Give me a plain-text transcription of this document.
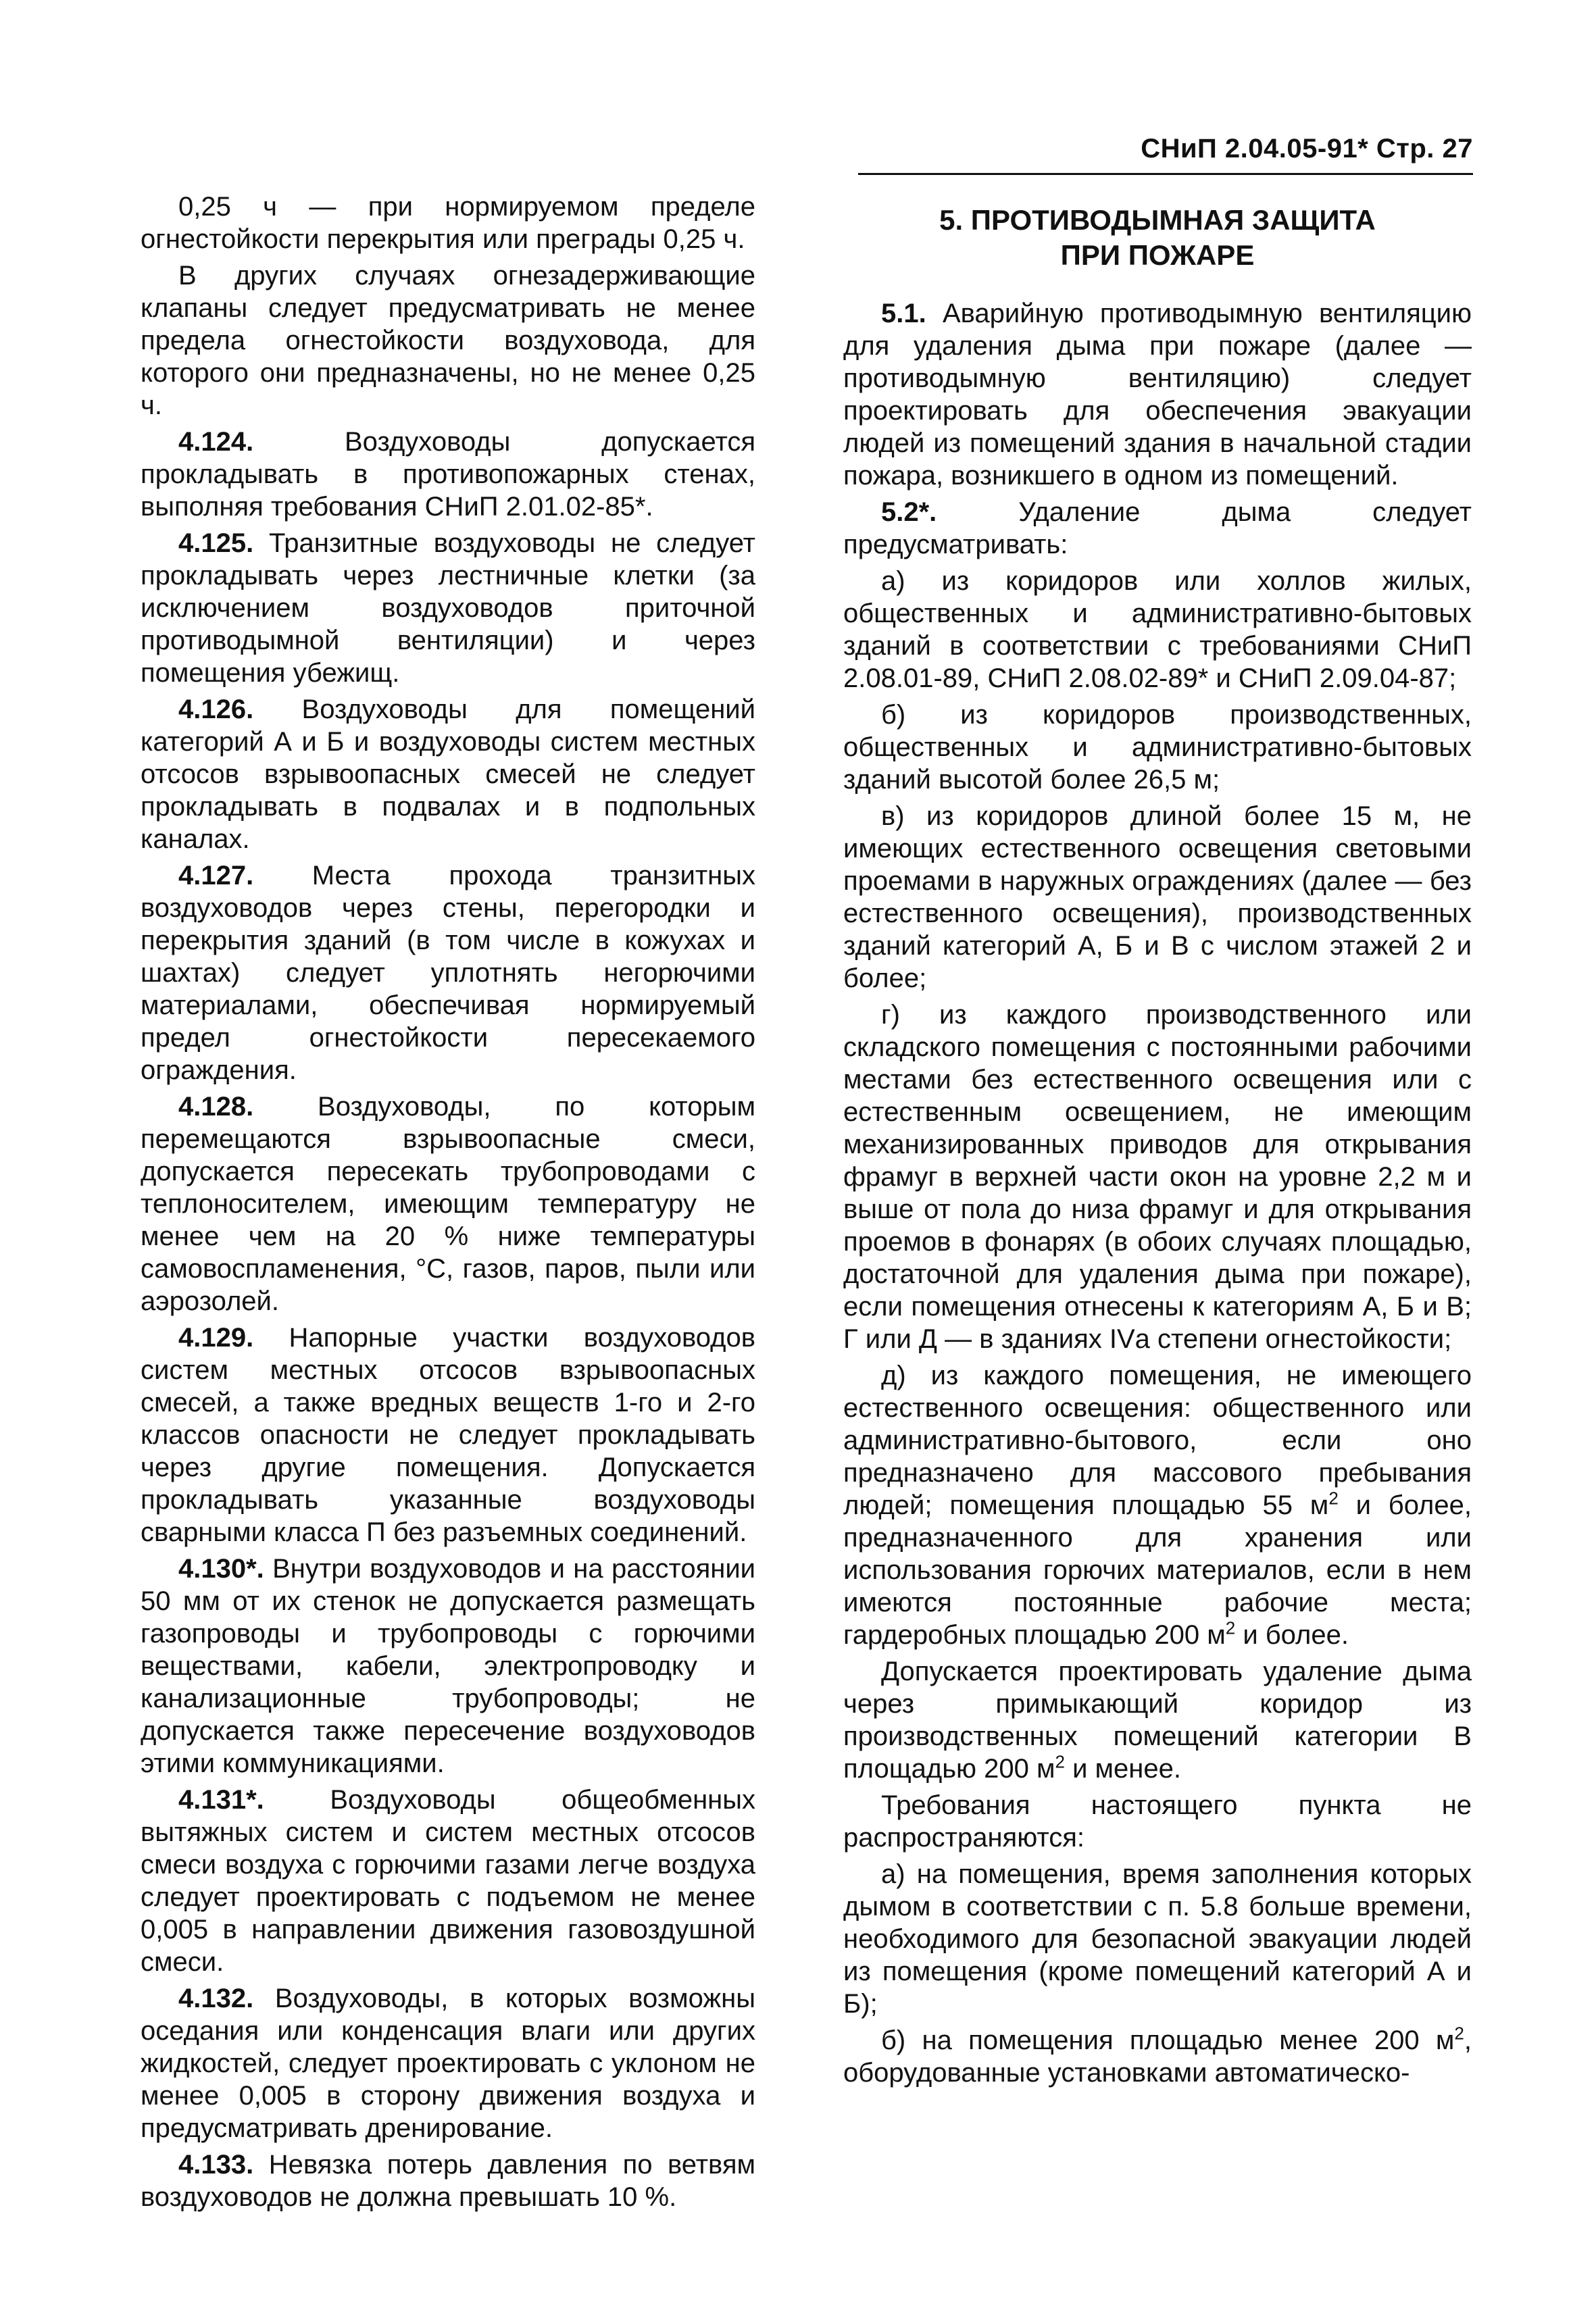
СНиП 2.04.05-91* Стр. 27

0,25 ч — при нормируемом пределе огнестойкости перекрытия или преграды 0,25 ч.

В других случаях огнезадерживающие клапаны следует предусматривать не менее предела огнестойкости воздуховода, для которого они предназначены, но не менее 0,25 ч.

4.124. Воздуховоды допускается прокладывать в противопожарных стенах, выполняя требования СНиП 2.01.02-85*.

4.125. Транзитные воздуховоды не следует прокладывать через лестничные клетки (за исключением воздуховодов приточной противодымной вентиляции) и через помещения убежищ.

4.126. Воздуховоды для помещений категорий А и Б и воздуховоды систем местных отсосов взрывоопасных смесей не следует прокладывать в подвалах и в подпольных каналах.

4.127. Места прохода транзитных воздуховодов через стены, перегородки и перекрытия зданий (в том числе в кожухах и шахтах) следует уплотнять негорючими материалами, обеспечивая нормируемый предел огнестойкости пересекаемого ограждения.

4.128. Воздуховоды, по которым перемещаются взрывоопасные смеси, допускается пересекать трубопроводами с теплоносителем, имеющим температуру не менее чем на 20 % ниже температуры самовоспламенения, °С, газов, паров, пыли или аэрозолей.

4.129. Напорные участки воздуховодов систем местных отсосов взрывоопасных смесей, а также вредных веществ 1-го и 2-го классов опасности не следует прокладывать через другие помещения. Допускается прокладывать указанные воздуховоды сварными класса П без разъемных соединений.

4.130*. Внутри воздуховодов и на расстоянии 50 мм от их стенок не допускается размещать газопроводы и трубопроводы с горючими веществами, кабели, электропроводку и канализационные трубопроводы; не допускается также пересечение воздуховодов этими коммуникациями.

4.131*. Воздуховоды общеобменных вытяжных систем и систем местных отсосов смеси воздуха с горючими газами легче воздуха следует проектировать с подъемом не менее 0,005 в направлении движения газовоздушной смеси.

4.132. Воздуховоды, в которых возможны оседания или конденсация влаги или других жидкостей, следует проектировать с уклоном не менее 0,005 в сторону движения воздуха и предусматривать дренирование.

4.133. Невязка потерь давления по ветвям воздуховодов не должна превышать 10 %.

5. ПРОТИВОДЫМНАЯ ЗАЩИТА
ПРИ ПОЖАРЕ

5.1. Аварийную противодымную вентиляцию для удаления дыма при пожаре (далее — противодымную вентиляцию) следует проектировать для обеспечения эвакуации людей из помещений здания в начальной стадии пожара, возникшего в одном из помещений.

5.2*. Удаление дыма следует предусматривать:

а) из коридоров или холлов жилых, общественных и административно-бытовых зданий в соответствии с требованиями СНиП 2.08.01-89, СНиП 2.08.02-89* и СНиП 2.09.04-87;

б) из коридоров производственных, общественных и административно-бытовых зданий высотой более 26,5 м;

в) из коридоров длиной более 15 м, не имеющих естественного освещения световыми проемами в наружных ограждениях (далее — без естественного освещения), производственных зданий категорий А, Б и В с числом этажей 2 и более;

г) из каждого производственного или складского помещения с постоянными рабочими местами без естественного освещения или с естественным освещением, не имеющим механизированных приводов для открывания фрамуг в верхней части окон на уровне 2,2 м и выше от пола до низа фрамуг и для открывания проемов в фонарях (в обоих случаях площадью, достаточной для удаления дыма при пожаре), если помещения отнесены к категориям А, Б и В; Г или Д — в зданиях IVа степени огнестойкости;

д) из каждого помещения, не имеющего естественного освещения: общественного или административно-бытового, если оно предназначено для массового пребывания людей; помещения площадью 55 $м^2$ и более, предназначенного для хранения или использования горючих материалов, если в нем имеются постоянные рабочие места; гардеробных площадью 200 $м^2$ и более.

Допускается проектировать удаление дыма через примыкающий коридор из производственных помещений категории В площадью 200 $м^2$ и менее.

Требования настоящего пункта не распространяются:

а) на помещения, время заполнения которых дымом в соответствии с п. 5.8 больше времени, необходимого для безопасной эвакуации людей из помещения (кроме помещений категорий А и Б);

б) на помещения площадью менее 200 $м^2$, оборудованные установками автоматическо-
